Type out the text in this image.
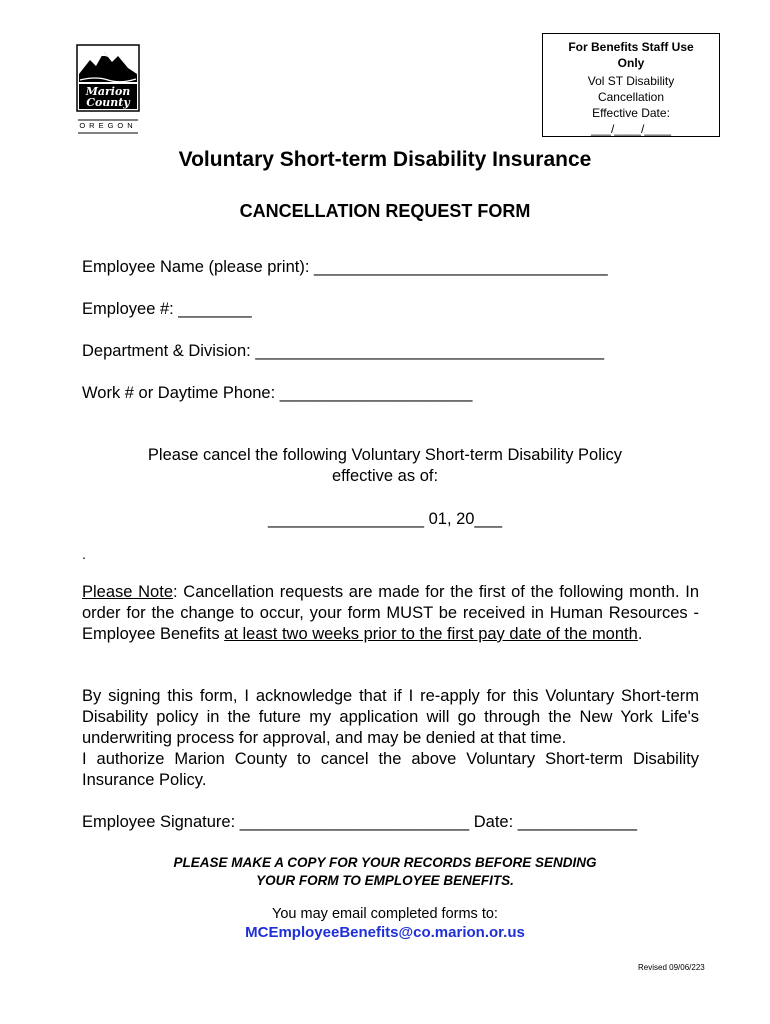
Marion
County
OREGON
For Benefits Staff Use Only
Vol ST Disability
Cancellation
Effective Date:
___/____/____
Voluntary Short-term Disability Insurance
CANCELLATION REQUEST FORM
Employee Name (please print): ________________________________
Employee #: ________
Department & Division: ______________________________________
Work # or Daytime Phone: _____________________
Please cancel the following Voluntary Short-term Disability Policy
effective as of:
_________________ 01, 20___
.

Please Note: Cancellation requests are made for the first of the following month. In order for the change to occur, your form MUST be received in Human Resources - Employee Benefits at least two weeks prior to the first pay date of the month.

By signing this form, I acknowledge that if I re-apply for this Voluntary Short-term Disability policy in the future my application will go through the New York Life's underwriting process for approval, and may be denied at that time.

I authorize Marion County to cancel the above Voluntary Short-term Disability Insurance Policy.

Employee Signature: _________________________ Date: _____________
PLEASE MAKE A COPY FOR YOUR RECORDS BEFORE SENDING
YOUR FORM TO EMPLOYEE BENEFITS.
You may email completed forms to:
MCEmployeeBenefits@co.marion.or.us
Revised 09/06/223
